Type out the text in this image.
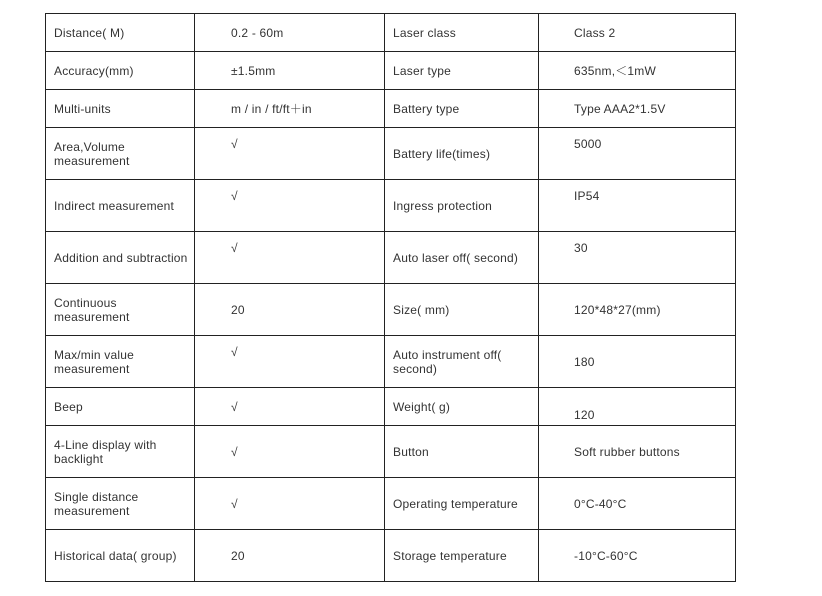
Distance( M)	0.2 - 60m	Laser class	Class 2
Accuracy(mm)	±1.5mm	Laser type	635nm,＜1mW
Multi-units	m / in / ft/ft＋in	Battery type	Type AAA2*1.5V
Area,Volume measurement	√	Battery life(times)	5000
Indirect measurement	√	Ingress protection	IP54
Addition and subtraction	√	Auto laser off( second)	30
Continuous measurement	20	Size( mm)	120*48*27(mm)
Max/min value measurement	√	Auto instrument off( second)	180
Beep	√	Weight( g)	120
4-Line display with backlight	√	Button	Soft rubber buttons
Single distance measurement	√	Operating temperature	0°C-40°C
Historical data( group)	20	Storage temperature	-10°C-60°C
